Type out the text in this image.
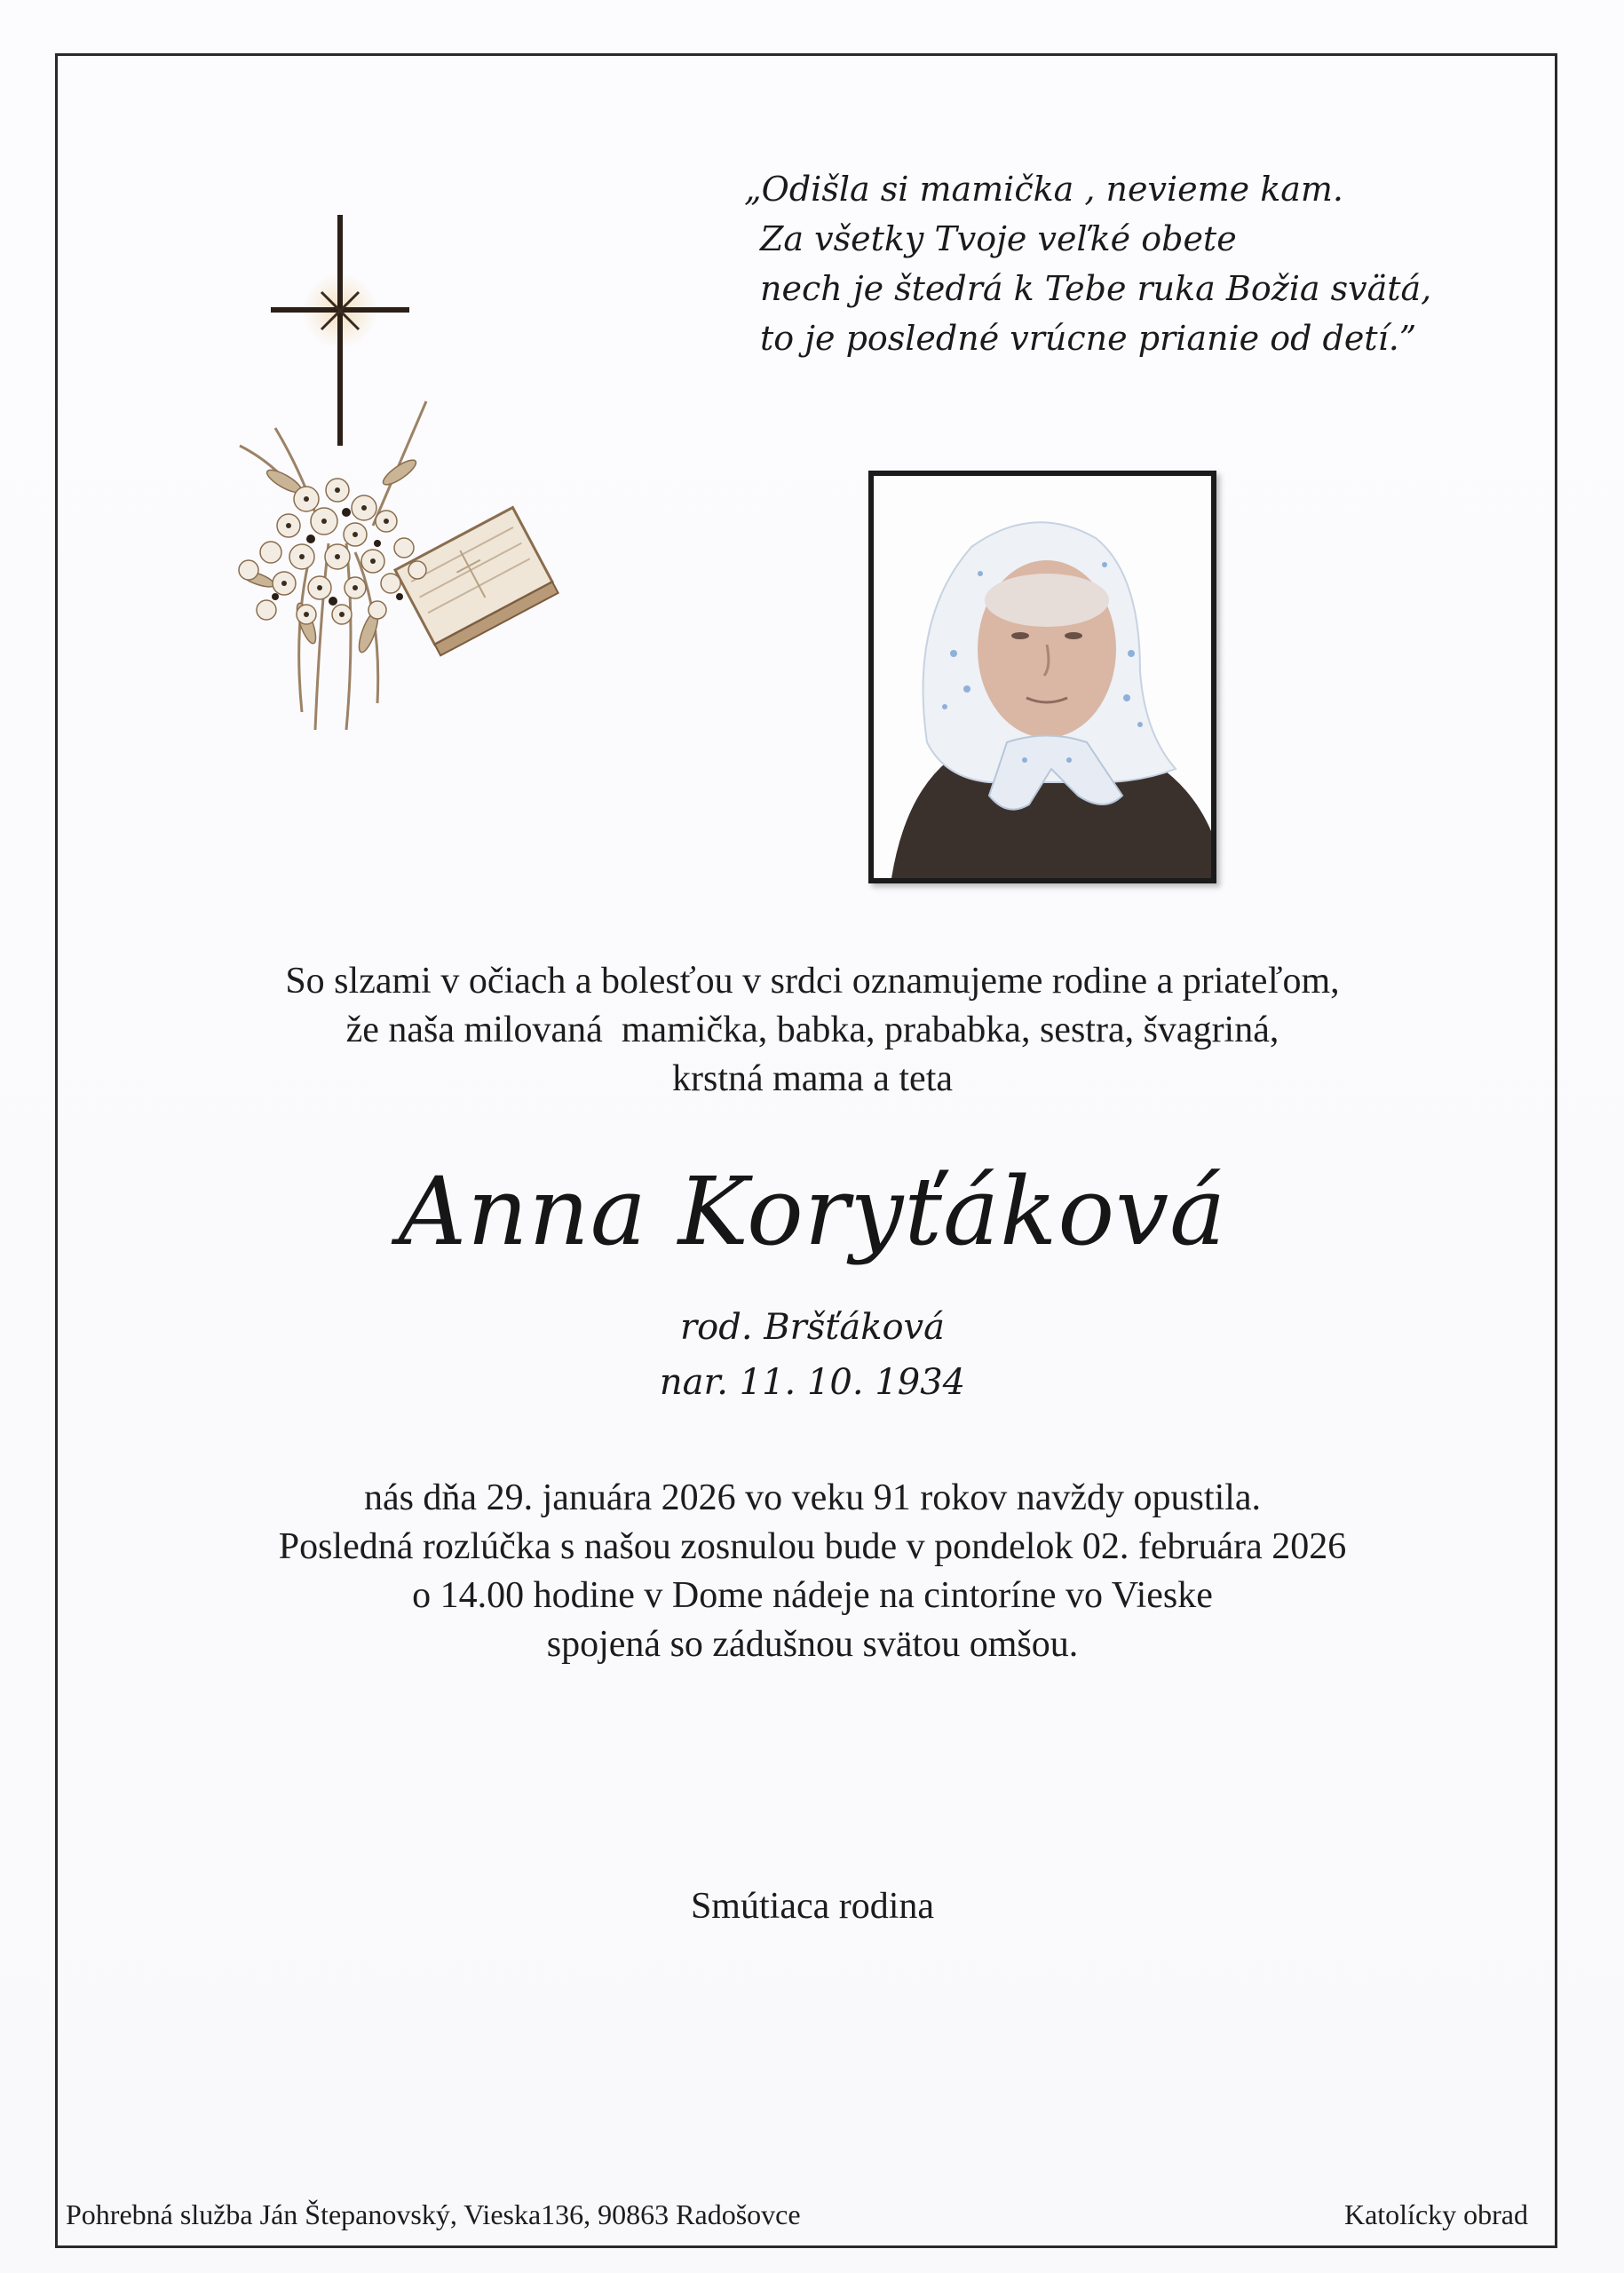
„Odišla si mamička , nevieme kam.
Za všetky Tvoje veľké obete
nech je štedrá k Tebe ruka Božia svätá,
to je posledné vrúcne prianie od detí.”
So slzami v očiach a bolesťou v srdci oznamujeme rodine a priateľom,
že naša milovaná  mamička, babka, prababka, sestra, švagriná,
krstná mama a teta
Anna Koryťáková
rod. Bršťáková
nar. 11. 10. 1934
nás dňa 29. januára 2026 vo veku 91 rokov navždy opustila.
Posledná rozlúčka s našou zosnulou bude v pondelok 02. februára 2026
o 14.00 hodine v Dome nádeje na cintoríne vo Vieske
spojená so zádušnou svätou omšou.
Smútiaca rodina
Pohrebná služba Ján Štepanovský, Vieska136, 90863 Radošovce	Katolícky obrad
